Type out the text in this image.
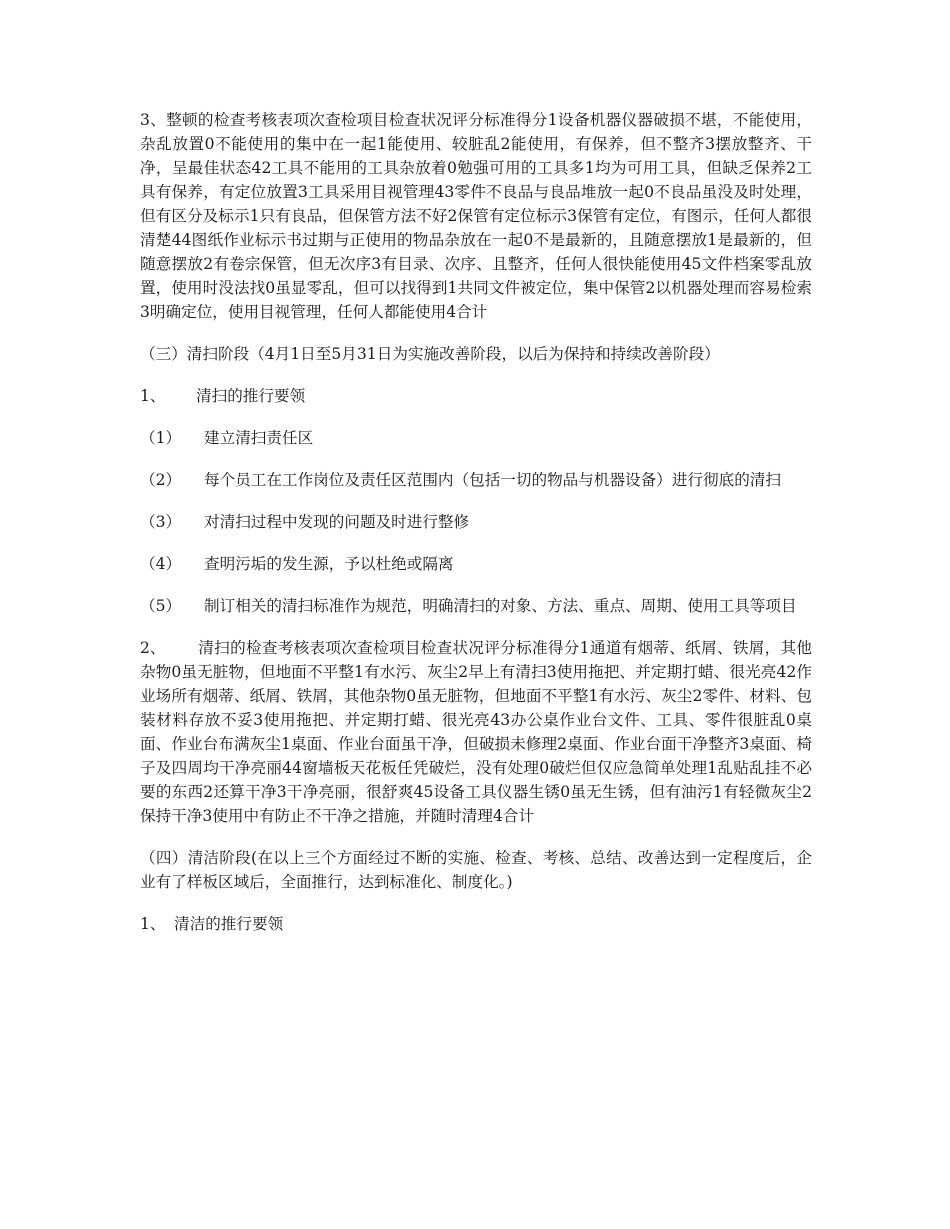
3、整顿的检查考核表项次查检项目检查状况评分标准得分1设备机器仪器破损不堪，不能使用，杂乱放置0不能使用的集中在一起1能使用、较脏乱2能使用，有保养，但不整齐3摆放整齐、干净，呈最佳状态42工具不能用的工具杂放着0勉强可用的工具多1均为可用工具，但缺乏保养2工具有保养，有定位放置3工具采用目视管理43零件不良品与良品堆放一起0不良品虽没及时处理，但有区分及标示1只有良品，但保管方法不好2保管有定位标示3保管有定位，有图示，任何人都很清楚44图纸作业标示书过期与正使用的物品杂放在一起0不是最新的，且随意摆放1是最新的，但随意摆放2有卷宗保管，但无次序3有目录、次序、且整齐，任何人很快能使用45文件档案零乱放置，使用时没法找0虽显零乱，但可以找得到1共同文件被定位，集中保管2以机器处理而容易检索3明确定位，使用目视管理，任何人都能使用4合计

（三）清扫阶段（4月1日至5月31日为实施改善阶段，以后为保持和持续改善阶段）

1、 清扫的推行要领

（1） 建立清扫责任区

（2） 每个员工在工作岗位及责任区范围内（包括一切的物品与机器设备）进行彻底的清扫

（3） 对清扫过程中发现的问题及时进行整修

（4） 查明污垢的发生源，予以杜绝或隔离

（5） 制订相关的清扫标准作为规范，明确清扫的对象、方法、重点、周期、使用工具等项目

2、 清扫的检查考核表项次查检项目检查状况评分标准得分1通道有烟蒂、纸屑、铁屑，其他杂物0虽无脏物，但地面不平整1有水污、灰尘2早上有清扫3使用拖把、并定期打蜡、很光亮42作业场所有烟蒂、纸屑、铁屑，其他杂物0虽无脏物，但地面不平整1有水污、灰尘2零件、材料、包装材料存放不妥3使用拖把、并定期打蜡、很光亮43办公桌作业台文件、工具、零件很脏乱0桌面、作业台布满灰尘1桌面、作业台面虽干净，但破损未修理2桌面、作业台面干净整齐3桌面、椅子及四周均干净亮丽44窗墙板天花板任凭破烂，没有处理0破烂但仅应急简单处理1乱贴乱挂不必要的东西2还算干净3干净亮丽，很舒爽45设备工具仪器生锈0虽无生锈，但有油污1有轻微灰尘2保持干净3使用中有防止不干净之措施，并随时清理4合计

（四）清洁阶段(在以上三个方面经过不断的实施、检查、考核、总结、改善达到一定程度后，企业有了样板区域后，全面推行，达到标准化、制度化。)

1、 清洁的推行要领
